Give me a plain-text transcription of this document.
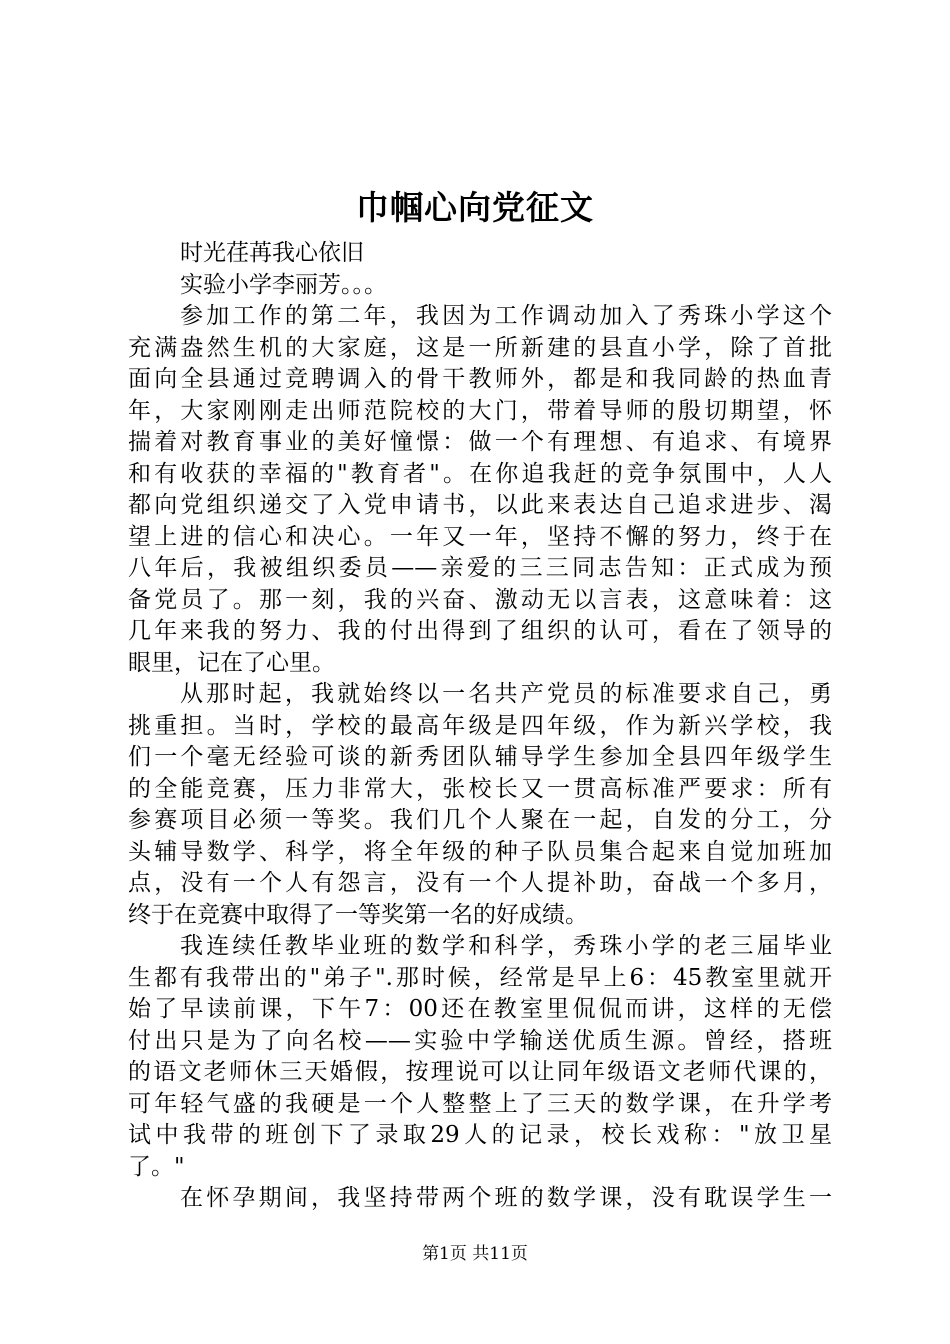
巾帼心向党征文
时光荏苒我心依旧
实验小学李丽芳。。。
参加工作的第二年，我因为工作调动加入了秀珠小学这个
充满盎然生机的大家庭，这是一所新建的县直小学，除了首批
面向全县通过竞聘调入的骨干教师外，都是和我同龄的热血青
年，大家刚刚走出师范院校的大门，带着导师的殷切期望，怀
揣着对教育事业的美好憧憬：做一个有理想、有追求、有境界
和有收获的幸福的"教育者"。在你追我赶的竞争氛围中，人人
都向党组织递交了入党申请书，以此来表达自己追求进步、渴
望上进的信心和决心。一年又一年，坚持不懈的努力，终于在
八年后，我被组织委员——亲爱的三三同志告知：正式成为预
备党员了。那一刻，我的兴奋、激动无以言表，这意味着：这
几年来我的努力、我的付出得到了组织的认可，看在了领导的
眼里，记在了心里。
从那时起，我就始终以一名共产党员的标准要求自己，勇
挑重担。当时，学校的最高年级是四年级，作为新兴学校，我
们一个毫无经验可谈的新秀团队辅导学生参加全县四年级学生
的全能竞赛，压力非常大，张校长又一贯高标准严要求：所有
参赛项目必须一等奖。我们几个人聚在一起，自发的分工，分
头辅导数学、科学，将全年级的种子队员集合起来自觉加班加
点，没有一个人有怨言，没有一个人提补助，奋战一个多月，
终于在竞赛中取得了一等奖第一名的好成绩。
我连续任教毕业班的数学和科学，秀珠小学的老三届毕业
生都有我带出的"弟子".那时候，经常是早上6：45教室里就开
始了早读前课，下午7：00还在教室里侃侃而讲，这样的无偿
付出只是为了向名校——实验中学输送优质生源。曾经，搭班
的语文老师休三天婚假，按理说可以让同年级语文老师代课的，
可年轻气盛的我硬是一个人整整上了三天的数学课，在升学考
试中我带的班创下了录取29人的记录，校长戏称："放卫星
了。"
在怀孕期间，我坚持带两个班的数学课，没有耽误学生一
第1页 共11页
